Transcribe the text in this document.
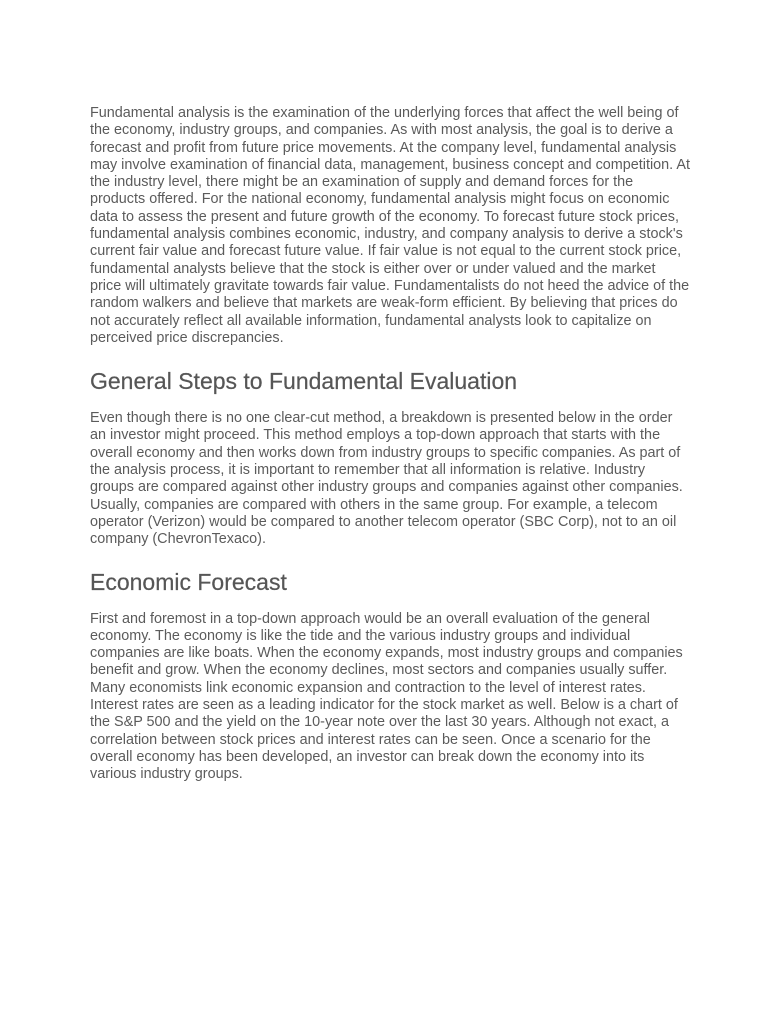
Fundamental analysis is the examination of the underlying forces that affect the well being of the economy, industry groups, and companies. As with most analysis, the goal is to derive a forecast and profit from future price movements. At the company level, fundamental analysis may involve examination of financial data, management, business concept and competition. At the industry level, there might be an examination of supply and demand forces for the products offered. For the national economy, fundamental analysis might focus on economic data to assess the present and future growth of the economy. To forecast future stock prices, fundamental analysis combines economic, industry, and company analysis to derive a stock's current fair value and forecast future value. If fair value is not equal to the current stock price, fundamental analysts believe that the stock is either over or under valued and the market price will ultimately gravitate towards fair value. Fundamentalists do not heed the advice of the random walkers and believe that markets are weak-form efficient. By believing that prices do not accurately reflect all available information, fundamental analysts look to capitalize on perceived price discrepancies.

General Steps to Fundamental Evaluation

Even though there is no one clear-cut method, a breakdown is presented below in the order an investor might proceed. This method employs a top-down approach that starts with the overall economy and then works down from industry groups to specific companies. As part of the analysis process, it is important to remember that all information is relative. Industry groups are compared against other industry groups and companies against other companies. Usually, companies are compared with others in the same group. For example, a telecom operator (Verizon) would be compared to another telecom operator (SBC Corp), not to an oil company (ChevronTexaco).

Economic Forecast

First and foremost in a top-down approach would be an overall evaluation of the general economy. The economy is like the tide and the various industry groups and individual companies are like boats. When the economy expands, most industry groups and companies benefit and grow. When the economy declines, most sectors and companies usually suffer. Many economists link economic expansion and contraction to the level of interest rates. Interest rates are seen as a leading indicator for the stock market as well. Below is a chart of the S&P 500 and the yield on the 10-year note over the last 30 years. Although not exact, a correlation between stock prices and interest rates can be seen. Once a scenario for the overall economy has been developed, an investor can break down the economy into its various industry groups.
